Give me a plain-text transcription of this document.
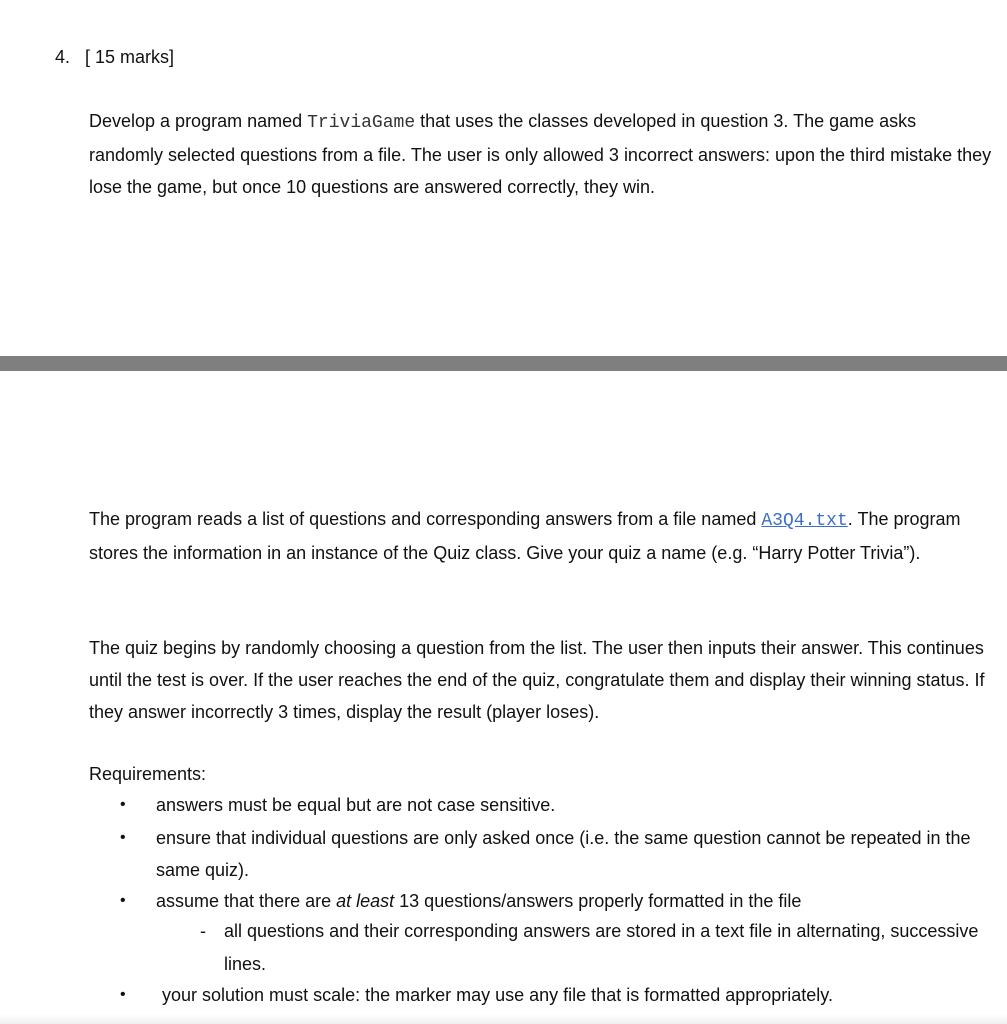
4. [ 15 marks]

Develop a program named TriviaGame that uses the classes developed in question 3. The game asks randomly selected questions from a file. The user is only allowed 3 incorrect answers: upon the third mistake they lose the game, but once 10 questions are answered correctly, they win.

The program reads a list of questions and corresponding answers from a file named A3Q4.txt. The program stores the information in an instance of the Quiz class. Give your quiz a name (e.g. “Harry Potter Trivia”).

The quiz begins by randomly choosing a question from the list. The user then inputs their answer. This continues until the test is over. If the user reaches the end of the quiz, congratulate them and display their winning status. If they answer incorrectly 3 times, display the result (player loses).

Requirements:
•	answers must be equal but are not case sensitive.
•	ensure that individual questions are only asked once (i.e. the same question cannot be repeated in the same quiz).
•	assume that there are at least 13 questions/answers properly formatted in the file
- all questions and their corresponding answers are stored in a text file in alternating, successive lines.
•	your solution must scale: the marker may use any file that is formatted appropriately.
